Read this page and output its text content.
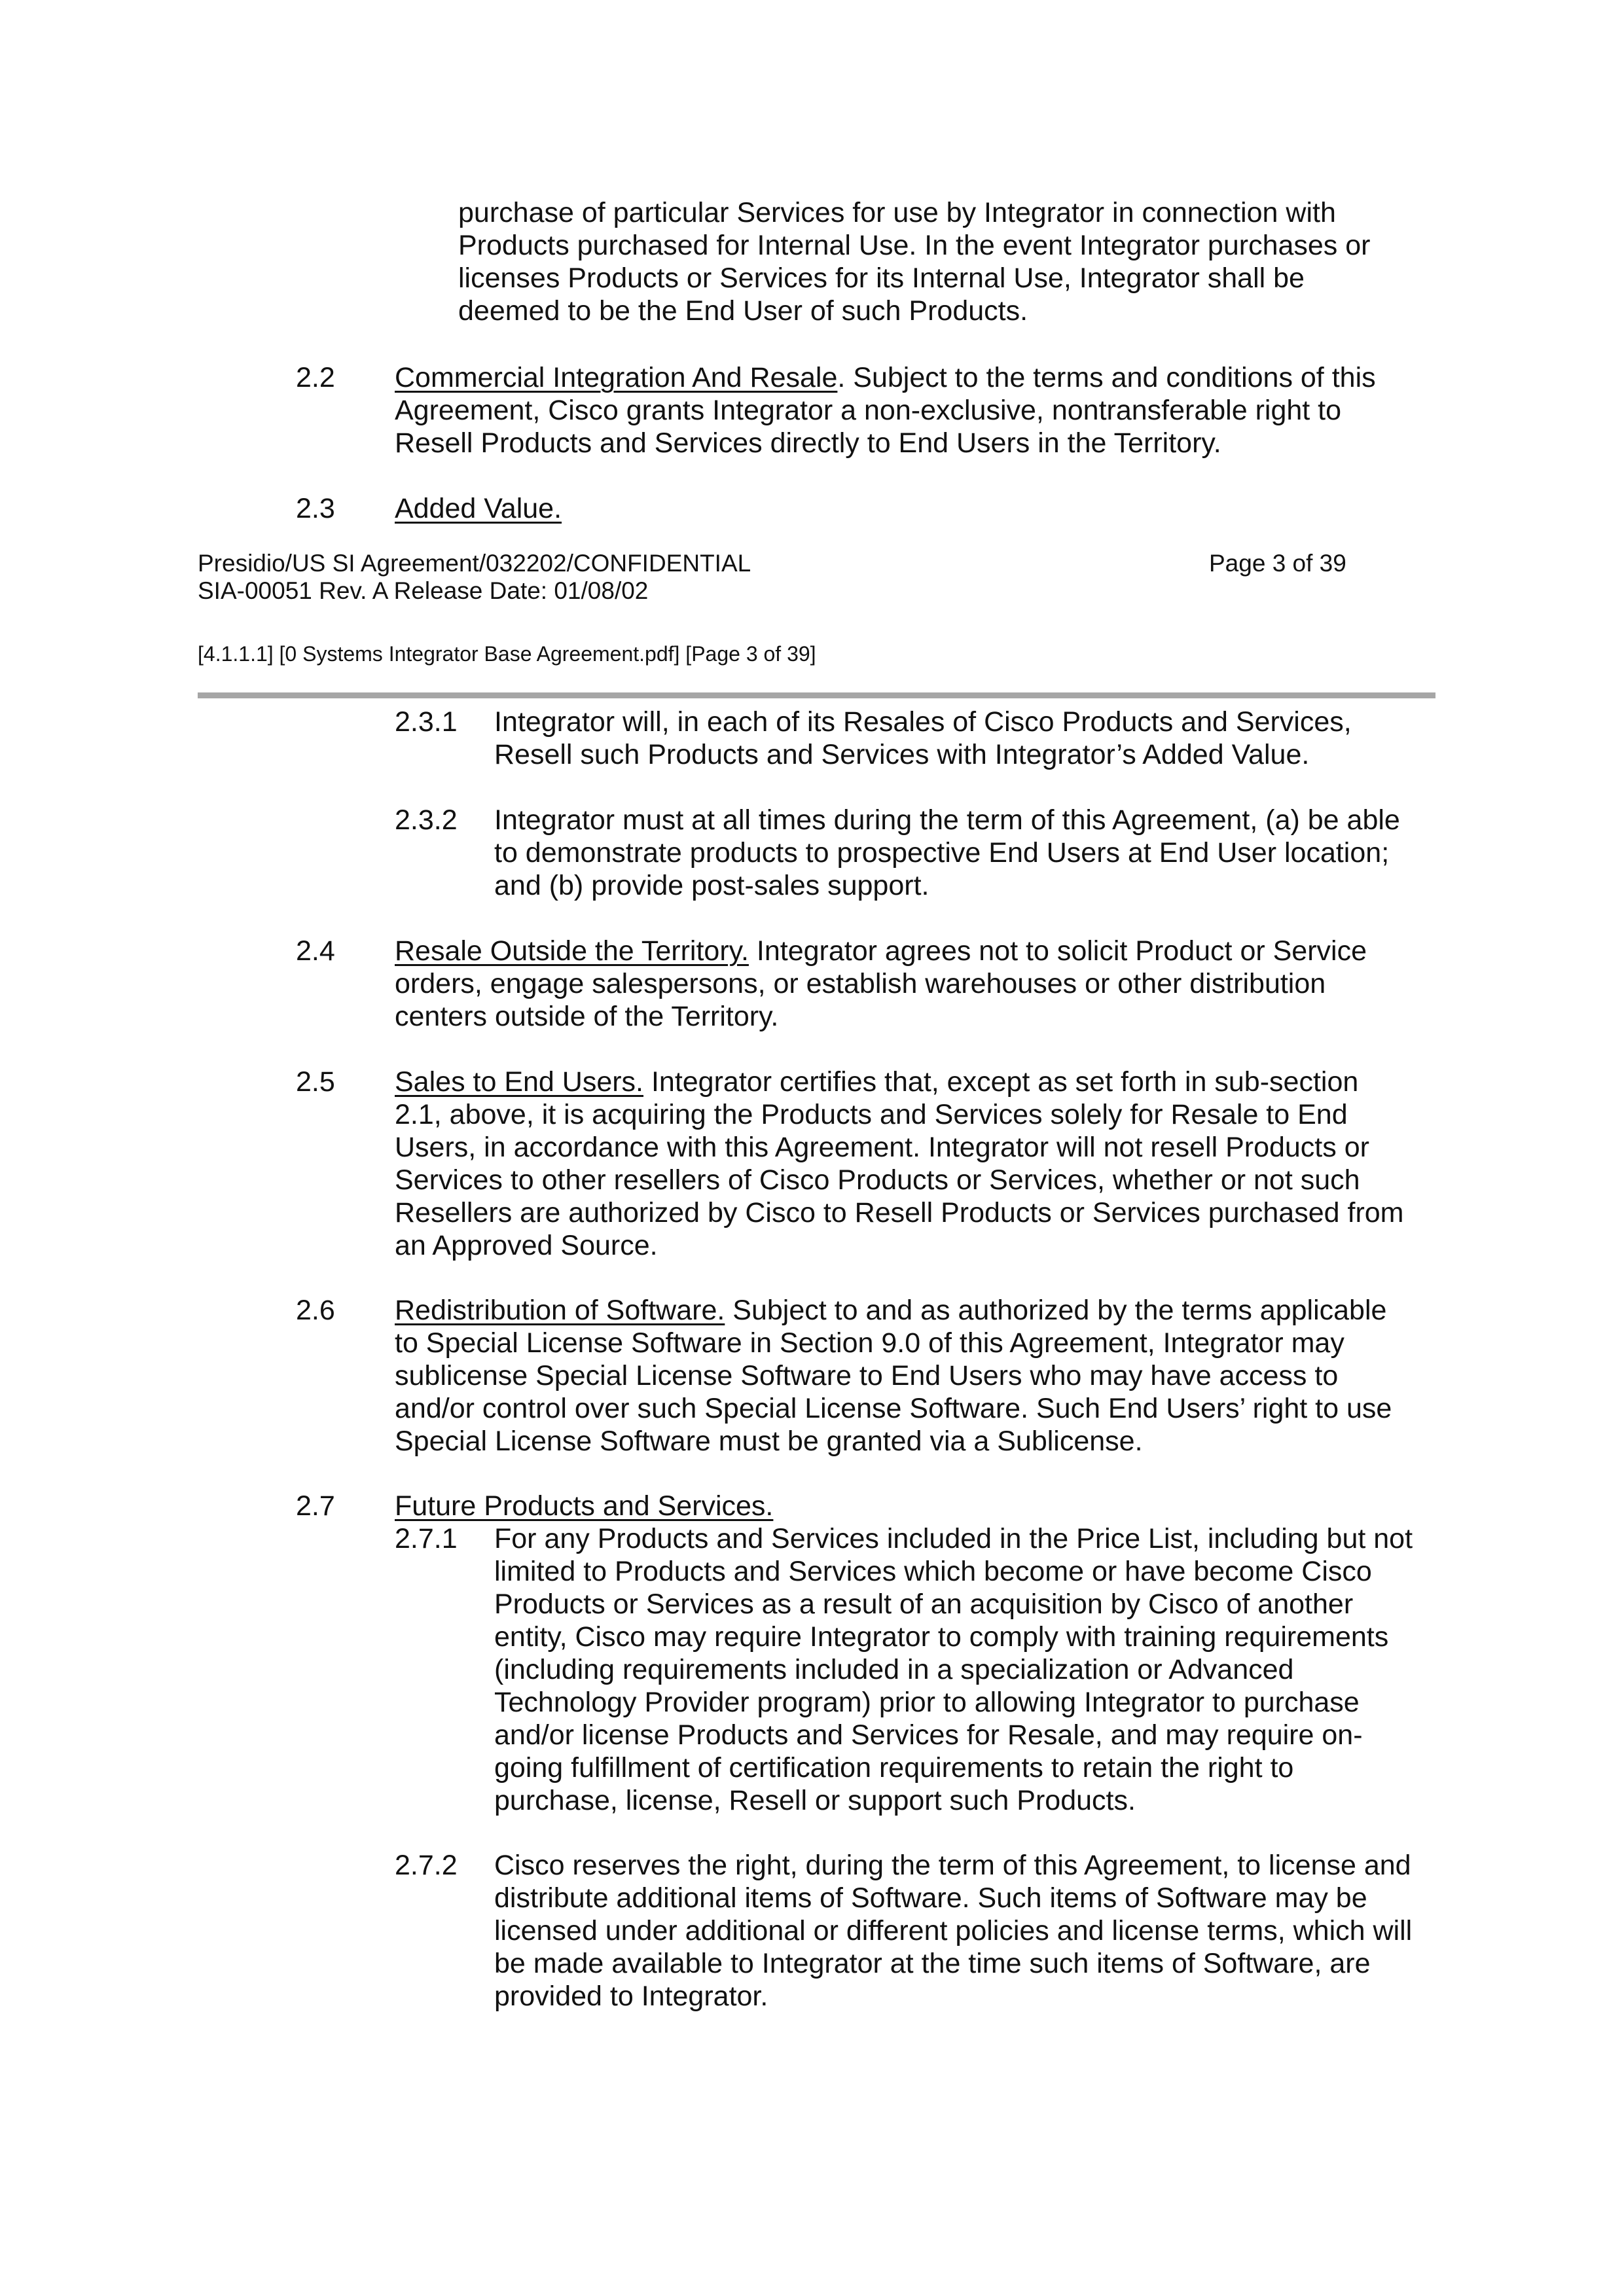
purchase of particular Services for use by Integrator in connection with

Products purchased for Internal Use. In the event Integrator purchases or

licenses Products or Services for its Internal Use, Integrator shall be

deemed to be the End User of such Products.

2.2 Commercial Integration And Resale. Subject to the terms and conditions of this

Agreement, Cisco grants Integrator a non-exclusive, nontransferable right to

Resell Products and Services directly to End Users in the Territory.

2.3 Added Value.

Presidio/US SI Agreement/032202/CONFIDENTIAL
SIA-00051 Rev. A Release Date: 01/08/02
Page 3 of 39
[4.1.1.1] [0 Systems Integrator Base Agreement.pdf] [Page 3 of 39]
2.3.1 Integrator will, in each of its Resales of Cisco Products and Services,

Resell such Products and Services with Integrator’s Added Value.

2.3.2 Integrator must at all times during the term of this Agreement, (a) be able

to demonstrate products to prospective End Users at End User location;

and (b) provide post-sales support.

2.4 Resale Outside the Territory. Integrator agrees not to solicit Product or Service

orders, engage salespersons, or establish warehouses or other distribution

centers outside of the Territory.

2.5 Sales to End Users. Integrator certifies that, except as set forth in sub-section

2.1, above, it is acquiring the Products and Services solely for Resale to End

Users, in accordance with this Agreement. Integrator will not resell Products or

Services to other resellers of Cisco Products or Services, whether or not such

Resellers are authorized by Cisco to Resell Products or Services purchased from

an Approved Source.

2.6 Redistribution of Software. Subject to and as authorized by the terms applicable

to Special License Software in Section 9.0 of this Agreement, Integrator may

sublicense Special License Software to End Users who may have access to

and/or control over such Special License Software. Such End Users’ right to use

Special License Software must be granted via a Sublicense.

2.7 Future Products and Services.

2.7.1 For any Products and Services included in the Price List, including but not

limited to Products and Services which become or have become Cisco

Products or Services as a result of an acquisition by Cisco of another

entity, Cisco may require Integrator to comply with training requirements

(including requirements included in a specialization or Advanced

Technology Provider program) prior to allowing Integrator to purchase

and/or license Products and Services for Resale, and may require on-

going fulfillment of certification requirements to retain the right to

purchase, license, Resell or support such Products.

2.7.2 Cisco reserves the right, during the term of this Agreement, to license and

distribute additional items of Software. Such items of Software may be

licensed under additional or different policies and license terms, which will

be made available to Integrator at the time such items of Software, are

provided to Integrator.
